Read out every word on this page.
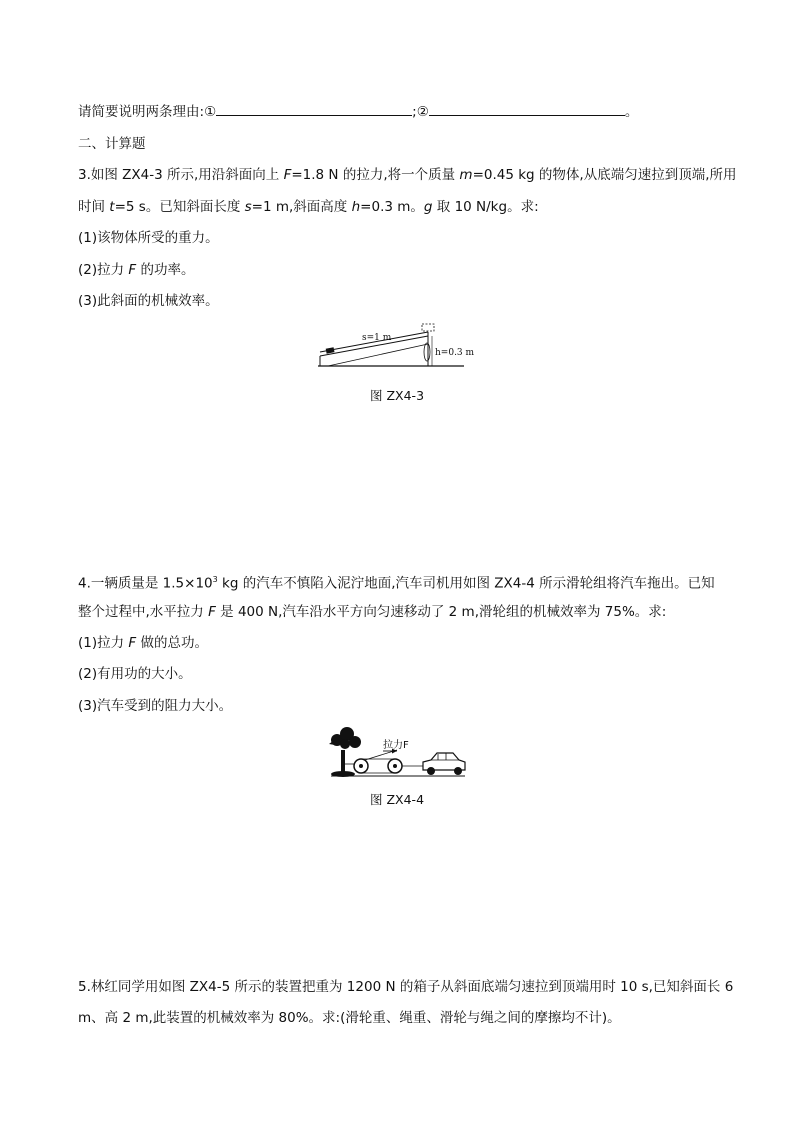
请简要说明两条理由:①	;②	。
二、计算题
3.如图 ZX4-3 所示,用沿斜面向上 F=1.8 N 的拉力,将一个质量 m=0.45 kg 的物体,从底端匀速拉到顶端,所用
时间 t=5 s。已知斜面长度 s=1 m,斜面高度 h=0.3 m。g 取 10 N/kg。求:
(1)该物体所受的重力。
(2)拉力 F 的功率。
(3)此斜面的机械效率。
s=1 m
h=0.3 m
图 ZX4-3
4.一辆质量是 $1.5\times 10^3$ kg 的汽车不慎陷入泥泞地面,汽车司机用如图 ZX4-4 所示滑轮组将汽车拖出。已知
整个过程中,水平拉力 F 是 400 N,汽车沿水平方向匀速移动了 2 m,滑轮组的机械效率为 75%。求:
(1)拉力 F 做的总功。
(2)有用功的大小。
(3)汽车受到的阻力大小。
拉力F
图 ZX4-4
5.林红同学用如图 ZX4-5 所示的装置把重为 1200 N 的箱子从斜面底端匀速拉到顶端用时 10 s,已知斜面长 6
m、高 2 m,此装置的机械效率为 80%。求:(滑轮重、绳重、滑轮与绳之间的摩擦均不计)。
